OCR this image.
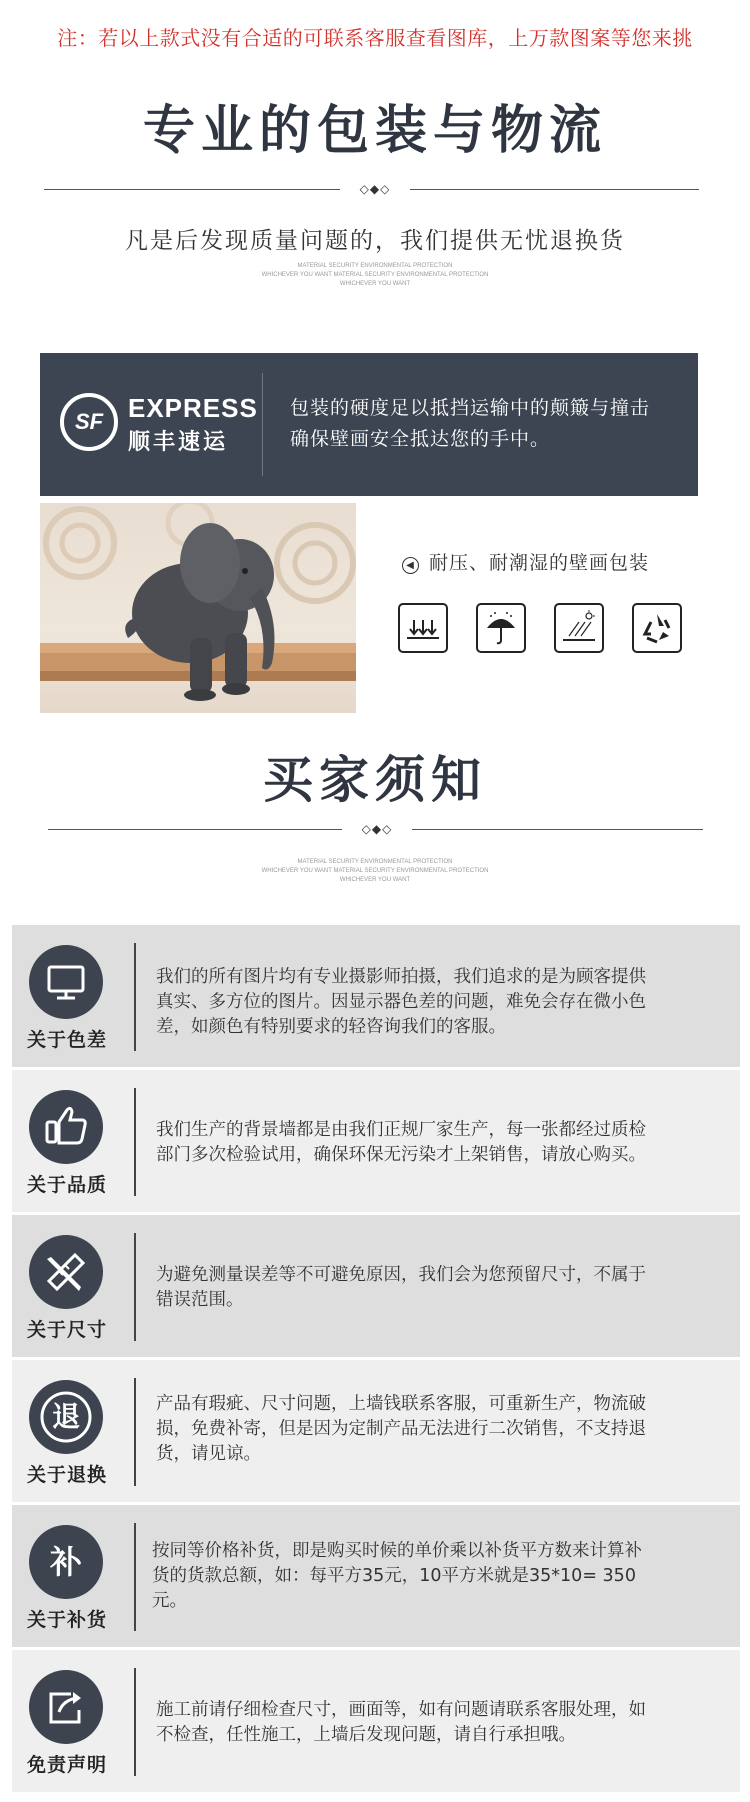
注：若以上款式没有合适的可联系客服查看图库，上万款图案等您来挑
专业的包装与物流
◇◆◇
凡是后发现质量问题的，我们提供无忧退换货
MATERIAL SECURITY ENVIRONMENTAL PROTECTION
WHICHEVER YOU WANT MATERIAL SECURITY ENVIRONMENTAL PROTECTION
WHICHEVER YOU WANT
SF EXPRESS
顺丰速运
包装的硬度足以抵挡运输中的颠簸与撞击
确保壁画安全抵达您的手中。
◀ 耐压、耐潮湿的壁画包装
买家须知
◇◆◇
MATERIAL SECURITY ENVIRONMENTAL PROTECTION
WHICHEVER YOU WANT MATERIAL SECURITY ENVIRONMENTAL PROTECTION
WHICHEVER YOU WANT
关于色差
我们的所有图片均有专业摄影师拍摄，我们追求的是为顾客提供
真实、多方位的图片。因显示器色差的问题，难免会存在微小色
差，如颜色有特别要求的轻咨询我们的客服。
关于品质
我们生产的背景墙都是由我们正规厂家生产，每一张都经过质检
部门多次检验试用，确保环保无污染才上架销售，请放心购买。
关于尺寸
为避免测量误差等不可避免原因，我们会为您预留尺寸，不属于
错误范围。
退
关于退换
产品有瑕疵、尺寸问题，上墙钱联系客服，可重新生产，物流破
损，免费补寄，但是因为定制产品无法进行二次销售，不支持退
货，请见谅。
补
关于补货
按同等价格补货，即是购买时候的单价乘以补货平方数来计算补
货的货款总额，如：每平方35元，10平方米就是35*10= 350
元。
免责声明
施工前请仔细检查尺寸，画面等，如有问题请联系客服处理，如
不检查，任性施工，上墙后发现问题，请自行承担哦。
